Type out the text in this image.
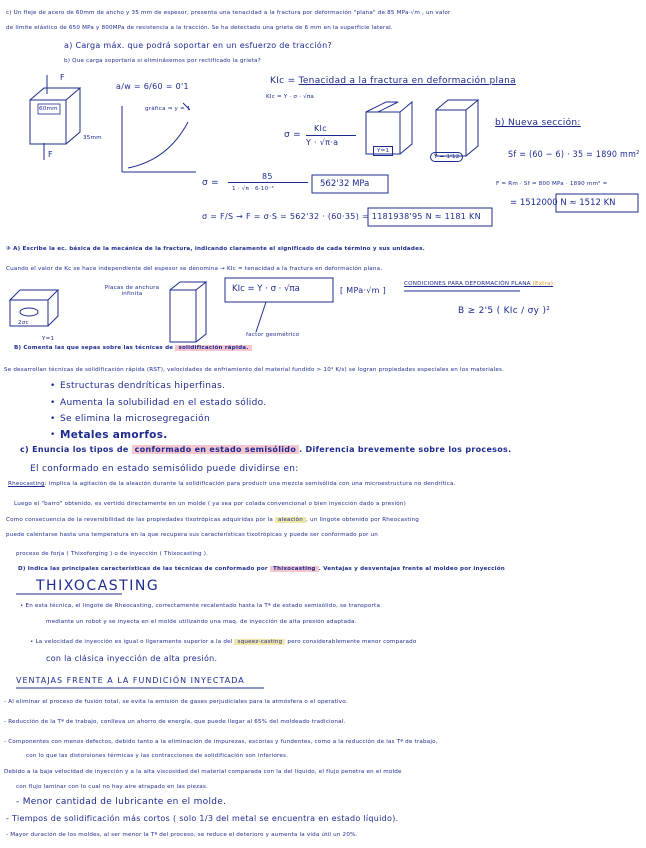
c) Un fleje de acero de 60mm de ancho y 35 mm de espesor, presenta una tenacidad a la fractura por deformación "plana" de 85 MPa·√m , un valor
de límite elástico de 650 MPa y 800MPa de resistencia a la tracción. Se ha detectado una grieta de 6 mm en la superficie lateral.
a) Carga máx. que podrá soportar en un esfuerzo de tracción?
b) Que carga soportaría si eliminásemos por rectificado la grieta?
F
F
60mm
35mm
a/w = 6/60 = 0'1
gráfica ⇒ y = 1
KIc = Tenacidad a la fractura en deformación plana
KIc = Y · σ · √πa
σ =
KIc
Y · √π·a
Y=1
Y = 1'12
b) Nueva sección:
Sf = (60 − 6) · 35 = 1890 mm²
σ =
85
1 · √π · 6·10⁻³	562'32 MPa	F = Rm · Sf = 800 MPa · 1890 mm² =
= 1512000 N ≈ 1512 KN
σ = F/S → F = σ·S = 562'32 · (60·35) = 1181938'95 N ≈ 1181 KN
③ A) Escribe la ec. básica de la mecánica de la fractura, indicando claramente el significado de cada término y sus unidades.
Cuando el valor de Kc se hace independiente del espesor se denomina → KIc = tenacidad a la fractura en deformación plana.
Placas de anchura infinita
2σc
KIc = Y · σ · √πa	[ MPa·√m ]
factor geométrico
CONDICIONES PARA DEFORMACIÓN PLANA (Extra)
B ≥ 2'5 ( KIc / σy )²
B) Comenta las que sepas sobre las técnicas de solidificación rápida.
Y=1
Se desarrollan técnicas de solidificación rápida (RST), velocidades de enfriamiento del material fundido > 10⁴ K/s) se logran propiedades especiales en los materiales.
Estructuras dendríticas hiperfinas.
Aumenta la solubilidad en el estado sólido.
Se elimina la microsegregación
Metales amorfos.
•
•
•
•
c) Enuncia los tipos de conformado en estado semisólido . Diferencia brevemente sobre los procesos.
El conformado en estado semisólido puede dividirse en:
Rheocasting: implica la agitación de la aleación durante la solidificación para producir una mezcla semisólida con una microestructura no dendrítica.
Luego el "barro" obtenido, es vertido directamente en un molde ( ya sea por colada convencional o bien inyección dado a presión)
Como consecuencia de la reversibilidad de las propiedades tixotrópicas adquiridas por la aleación , un lingote obtenido por Rheocasting
puede calentarse hasta una temperatura en la que recupera sus características tixotrópicas y puede ser conformado por un
proceso de forja ( Thixoforging ) o de inyección ( Thixocasting ).
D) Indica las principales características de las técnicas de conformado por Thixocasting . Ventajas y desventajas frente al moldeo por inyección
THIXOCASTING
• En esta técnica, el lingote de Rheocasting, correctamente recalentado hasta la Tª de estado semisólido, se transporta
mediante un robot y se inyecta en el molde utilizando una maq. de inyección de alta presión adaptada.
• La velocidad de inyección es igual o ligeramente superior a la del squeez-casting pero considerablemente menor comparado
con la clásica inyección de alta presión.
VENTAJAS FRENTE A LA FUNDICIÓN INYECTADA
- Al eliminar el proceso de fusión total, se evita la emisión de gases perjudiciales para la atmósfera o el operativo.
- Reducción de la Tª de trabajo, conlleva un ahorro de energía, que puede llegar al 65% del moldeado tradicional.
- Componentes con menos defectos, debido tanto a la eliminación de impurezas, escorias y fundentes, como a la reducción de las Tª de trabajo,
con lo que las distorsiones térmicas y las contracciones de solidificación son inferiores.
Debido a la baja velocidad de inyección y a la alta viscosidad del material comparada con la del líquido, el flujo penetra en el molde
con flujo laminar con lo cual no hay aire atrapado en las piezas.
- Menor cantidad de lubricante en el molde.
- Tiempos de solidificación más cortos ( solo 1/3 del metal se encuentra en estado líquido).
- Mayor duración de los moldes, al ser menor la Tª del proceso, se reduce el deterioro y aumenta la vida útil un 20%.
